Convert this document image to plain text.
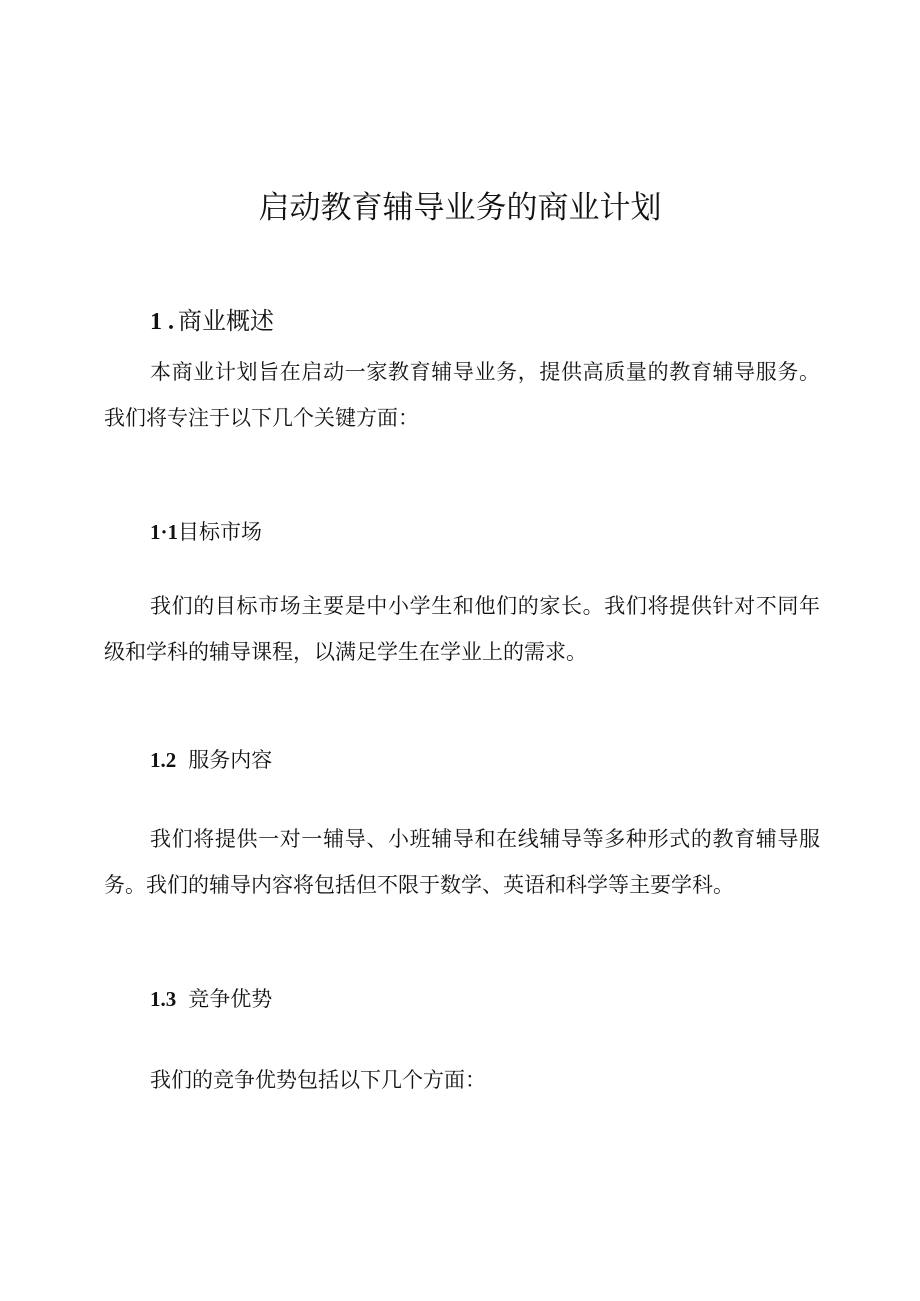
启动教育辅导业务的商业计划
1 . 商业概述

本商业计划旨在启动一家教育辅导业务，提供高质量的教育辅导服务。我们将专注于以下几个关键方面：

1·1目标市场

我们的目标市场主要是中小学生和他们的家长。我们将提供针对不同年级和学科的辅导课程，以满足学生在学业上的需求。

1.2 服务内容

我们将提供一对一辅导、小班辅导和在线辅导等多种形式的教育辅导服务。我们的辅导内容将包括但不限于数学、英语和科学等主要学科。

1.3 竞争优势

我们的竞争优势包括以下几个方面：
